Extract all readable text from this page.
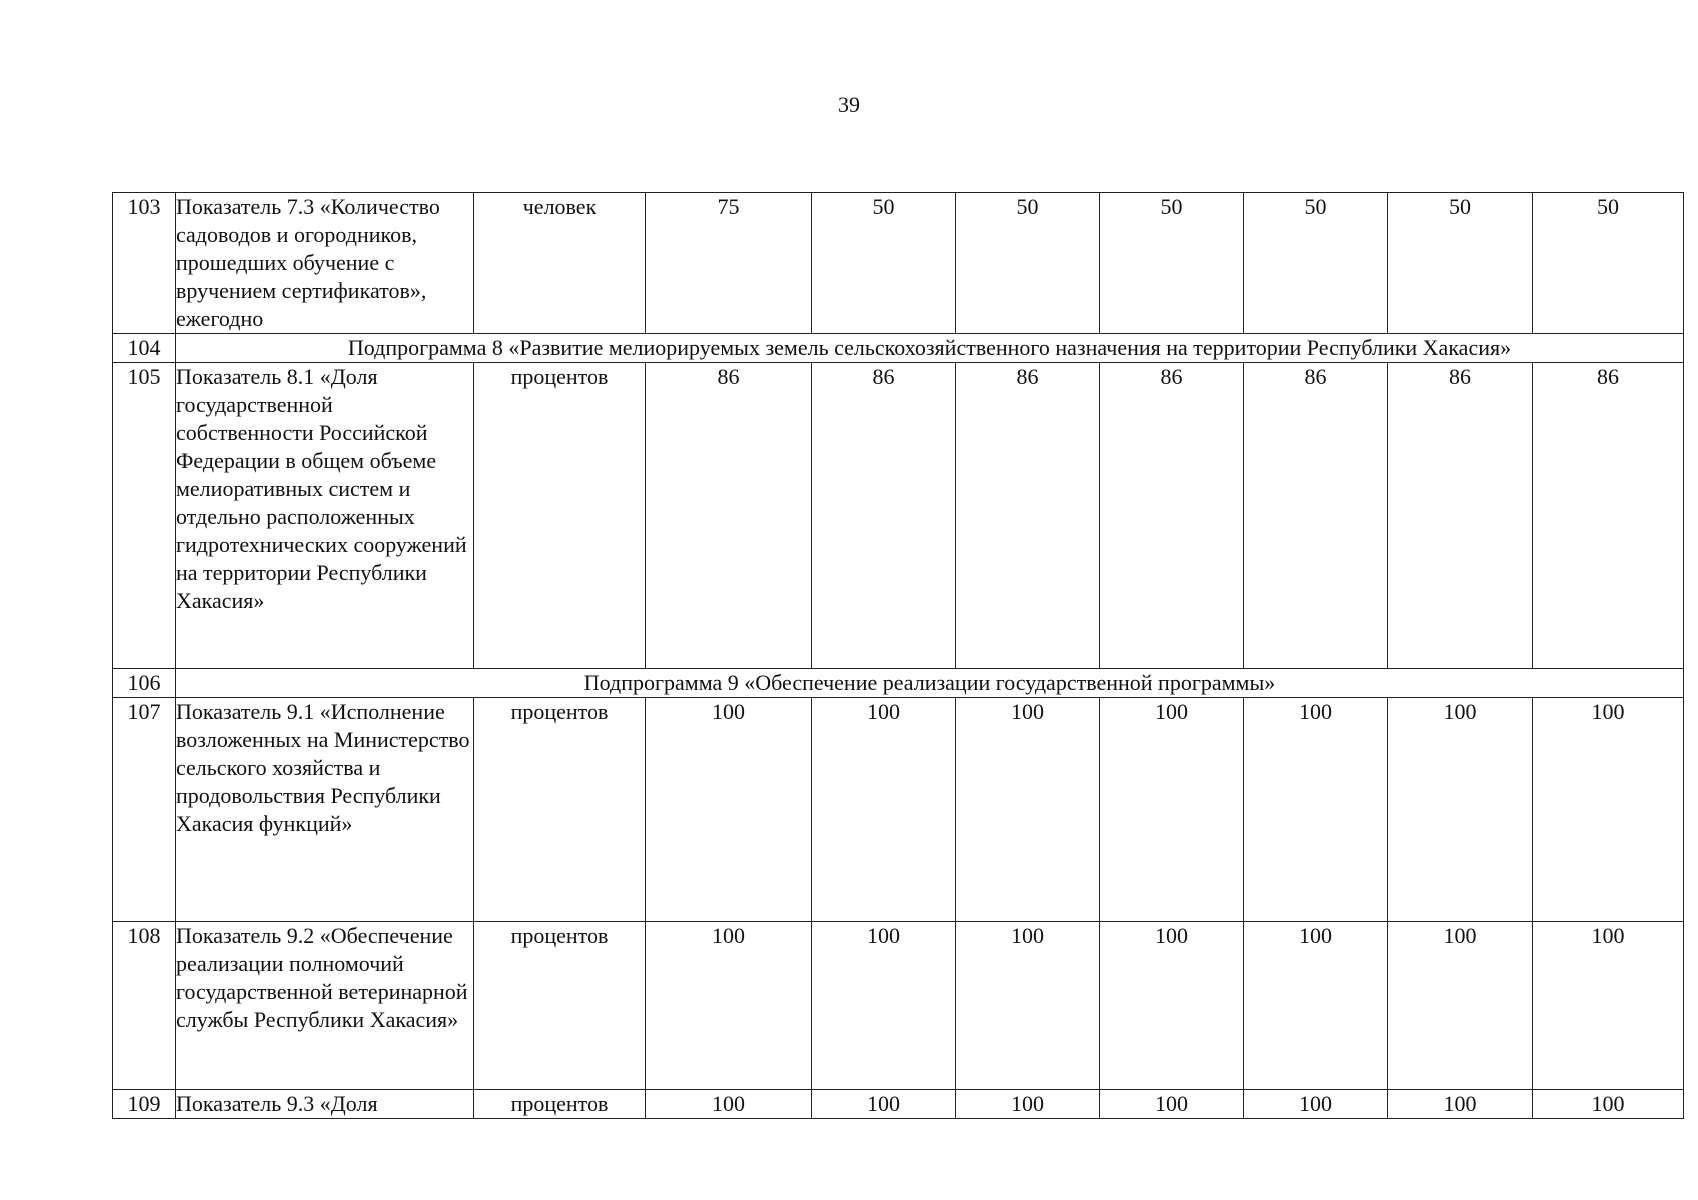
39
103	Показатель 7.3 «Количество садоводов и огородников, прошедших обучение с вручением сертификатов», ежегодно	человек	75	50	50	50	50	50	50
104	Подпрограмма 8 «Развитие мелиорируемых земель сельскохозяйственного назначения на территории Республики Хакасия»								
105	Показатель 8.1 «Доля государственной собственности Российской Федерации в общем объеме мелиоративных систем и отдельно расположенных гидротехнических сооружений на территории Республики Хакасия»	процентов	86	86	86	86	86	86	86
106	Подпрограмма 9 «Обеспечение реализации государственной программы»								
107	Показатель 9.1 «Исполнение возложенных на Министерство сельского хозяйства и продовольствия Республики Хакасия функций»	процентов	100	100	100	100	100	100	100
108	Показатель 9.2 «Обеспечение реализации полномочий государственной ветеринарной службы Республики Хакасия»	процентов	100	100	100	100	100	100	100
109	Показатель 9.3 «Доля	процентов	100	100	100	100	100	100	100
